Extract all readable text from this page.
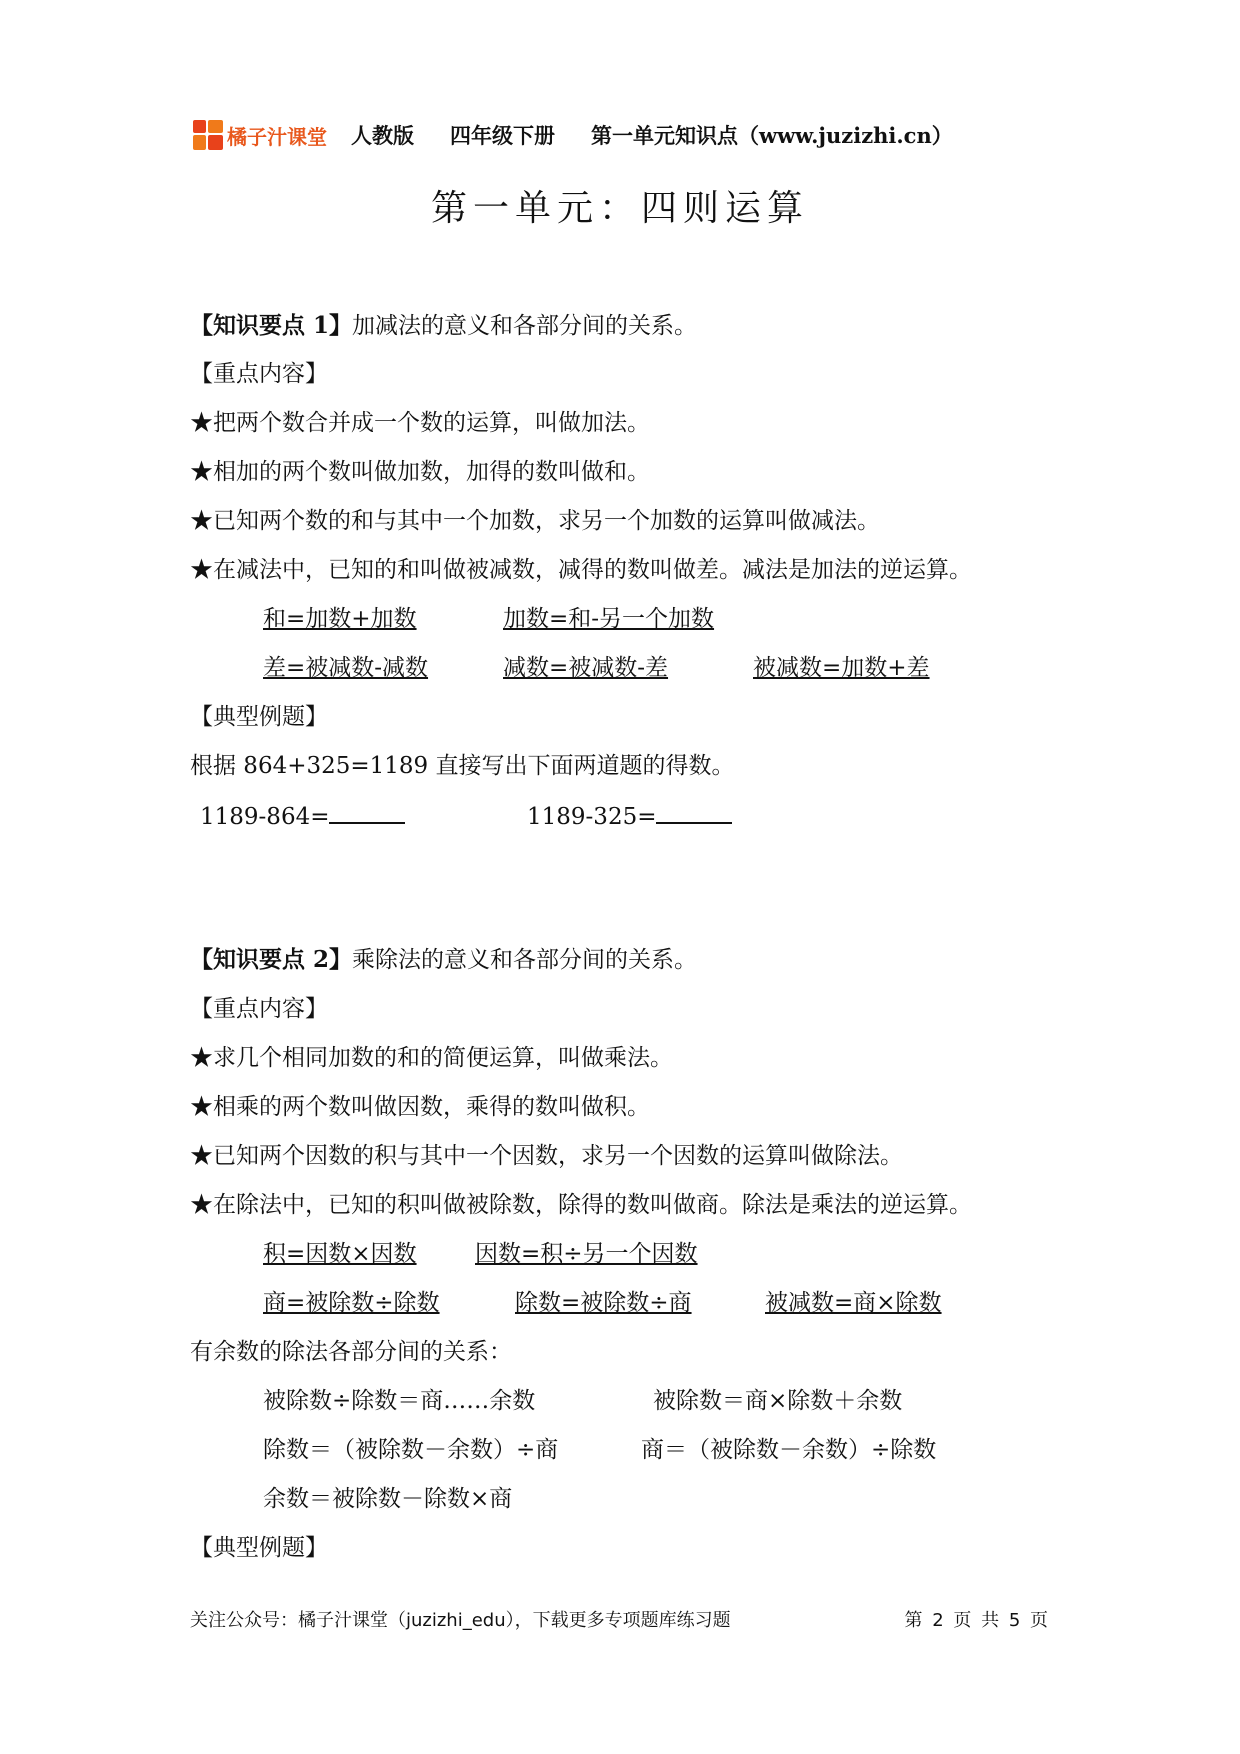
橘子汁课堂 人教版 四年级下册 第一单元知识点（www.juzizhi.cn）
第一单元：四则运算
【知识要点 1】加减法的意义和各部分间的关系。
【重点内容】
★把两个数合并成一个数的运算，叫做加法。
★相加的两个数叫做加数，加得的数叫做和。
★已知两个数的和与其中一个加数，求另一个加数的运算叫做减法。
★在减法中，已知的和叫做被减数，减得的数叫做差。减法是加法的逆运算。
和=加数+加数	加数=和-另一个加数
差=被减数-减数	减数=被减数-差	被减数=加数+差
【典型例题】
根据 864+325=1189 直接写出下面两道题的得数。
1189-864=	1189-325=
【知识要点 2】乘除法的意义和各部分间的关系。
【重点内容】
★求几个相同加数的和的简便运算，叫做乘法。
★相乘的两个数叫做因数，乘得的数叫做积。
★已知两个因数的积与其中一个因数，求另一个因数的运算叫做除法。
★在除法中，已知的积叫做被除数，除得的数叫做商。除法是乘法的逆运算。
积=因数×因数	因数=积÷另一个因数
商=被除数÷除数	除数=被除数÷商	被减数=商×除数
有余数的除法各部分间的关系：
被除数÷除数＝商……余数	被除数＝商×除数＋余数
除数＝（被除数－余数）÷商	商＝（被除数－余数）÷除数
余数＝被除数－除数×商
【典型例题】
关注公众号：橘子汁课堂（juzizhi_edu），下载更多专项题库练习题	第 2 页 共 5 页
